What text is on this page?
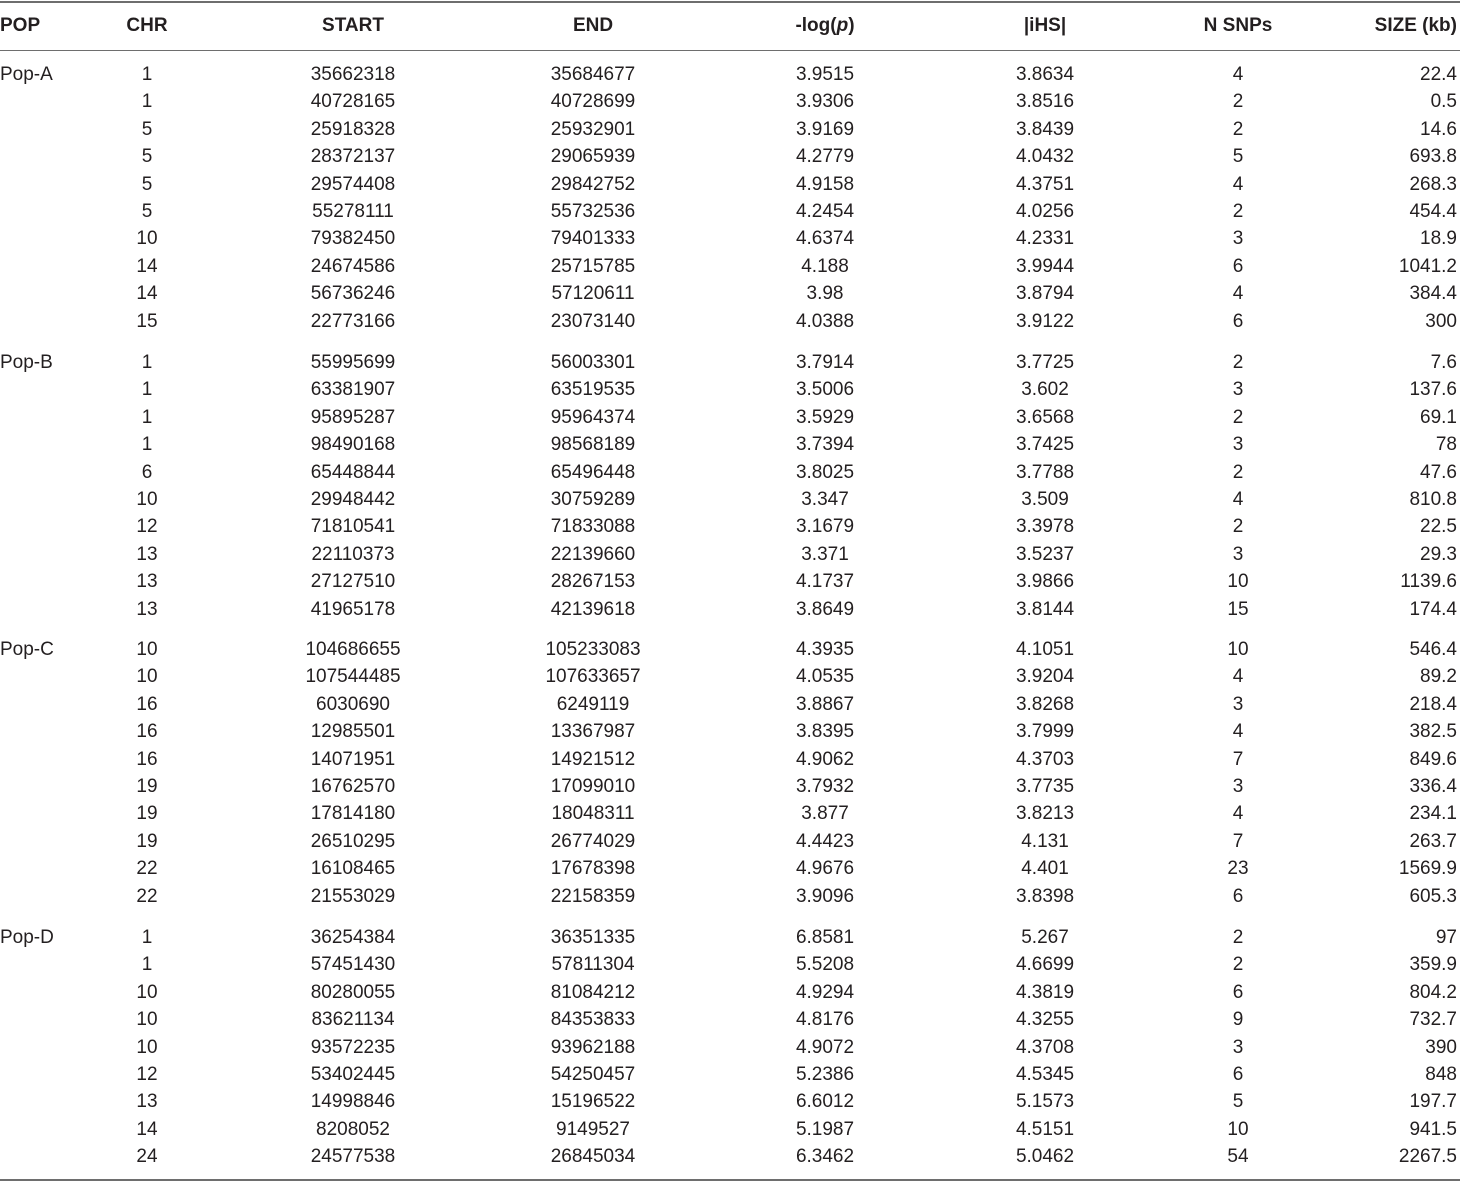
POP	CHR	START	END	-log(p)	|iHS|	N SNPs	SIZE (kb)
Pop-A	1	35662318	35684677	3.9515	3.8634	4	22.4
1	40728165	40728699	3.9306	3.8516	2	0.5
5	25918328	25932901	3.9169	3.8439	2	14.6
5	28372137	29065939	4.2779	4.0432	5	693.8
5	29574408	29842752	4.9158	4.3751	4	268.3
5	55278111	55732536	4.2454	4.0256	2	454.4
10	79382450	79401333	4.6374	4.2331	3	18.9
14	24674586	25715785	4.188	3.9944	6	1041.2
14	56736246	57120611	3.98	3.8794	4	384.4
15	22773166	23073140	4.0388	3.9122	6	300
Pop-B	1	55995699	56003301	3.7914	3.7725	2	7.6
1	63381907	63519535	3.5006	3.602	3	137.6
1	95895287	95964374	3.5929	3.6568	2	69.1
1	98490168	98568189	3.7394	3.7425	3	78
6	65448844	65496448	3.8025	3.7788	2	47.6
10	29948442	30759289	3.347	3.509	4	810.8
12	71810541	71833088	3.1679	3.3978	2	22.5
13	22110373	22139660	3.371	3.5237	3	29.3
13	27127510	28267153	4.1737	3.9866	10	1139.6
13	41965178	42139618	3.8649	3.8144	15	174.4
Pop-C	10	104686655	105233083	4.3935	4.1051	10	546.4
10	107544485	107633657	4.0535	3.9204	4	89.2
16	6030690	6249119	3.8867	3.8268	3	218.4
16	12985501	13367987	3.8395	3.7999	4	382.5
16	14071951	14921512	4.9062	4.3703	7	849.6
19	16762570	17099010	3.7932	3.7735	3	336.4
19	17814180	18048311	3.877	3.8213	4	234.1
19	26510295	26774029	4.4423	4.131	7	263.7
22	16108465	17678398	4.9676	4.401	23	1569.9
22	21553029	22158359	3.9096	3.8398	6	605.3
Pop-D	1	36254384	36351335	6.8581	5.267	2	97
1	57451430	57811304	5.5208	4.6699	2	359.9
10	80280055	81084212	4.9294	4.3819	6	804.2
10	83621134	84353833	4.8176	4.3255	9	732.7
10	93572235	93962188	4.9072	4.3708	3	390
12	53402445	54250457	5.2386	4.5345	6	848
13	14998846	15196522	6.6012	5.1573	5	197.7
14	8208052	9149527	5.1987	4.5151	10	941.5
24	24577538	26845034	6.3462	5.0462	54	2267.5
